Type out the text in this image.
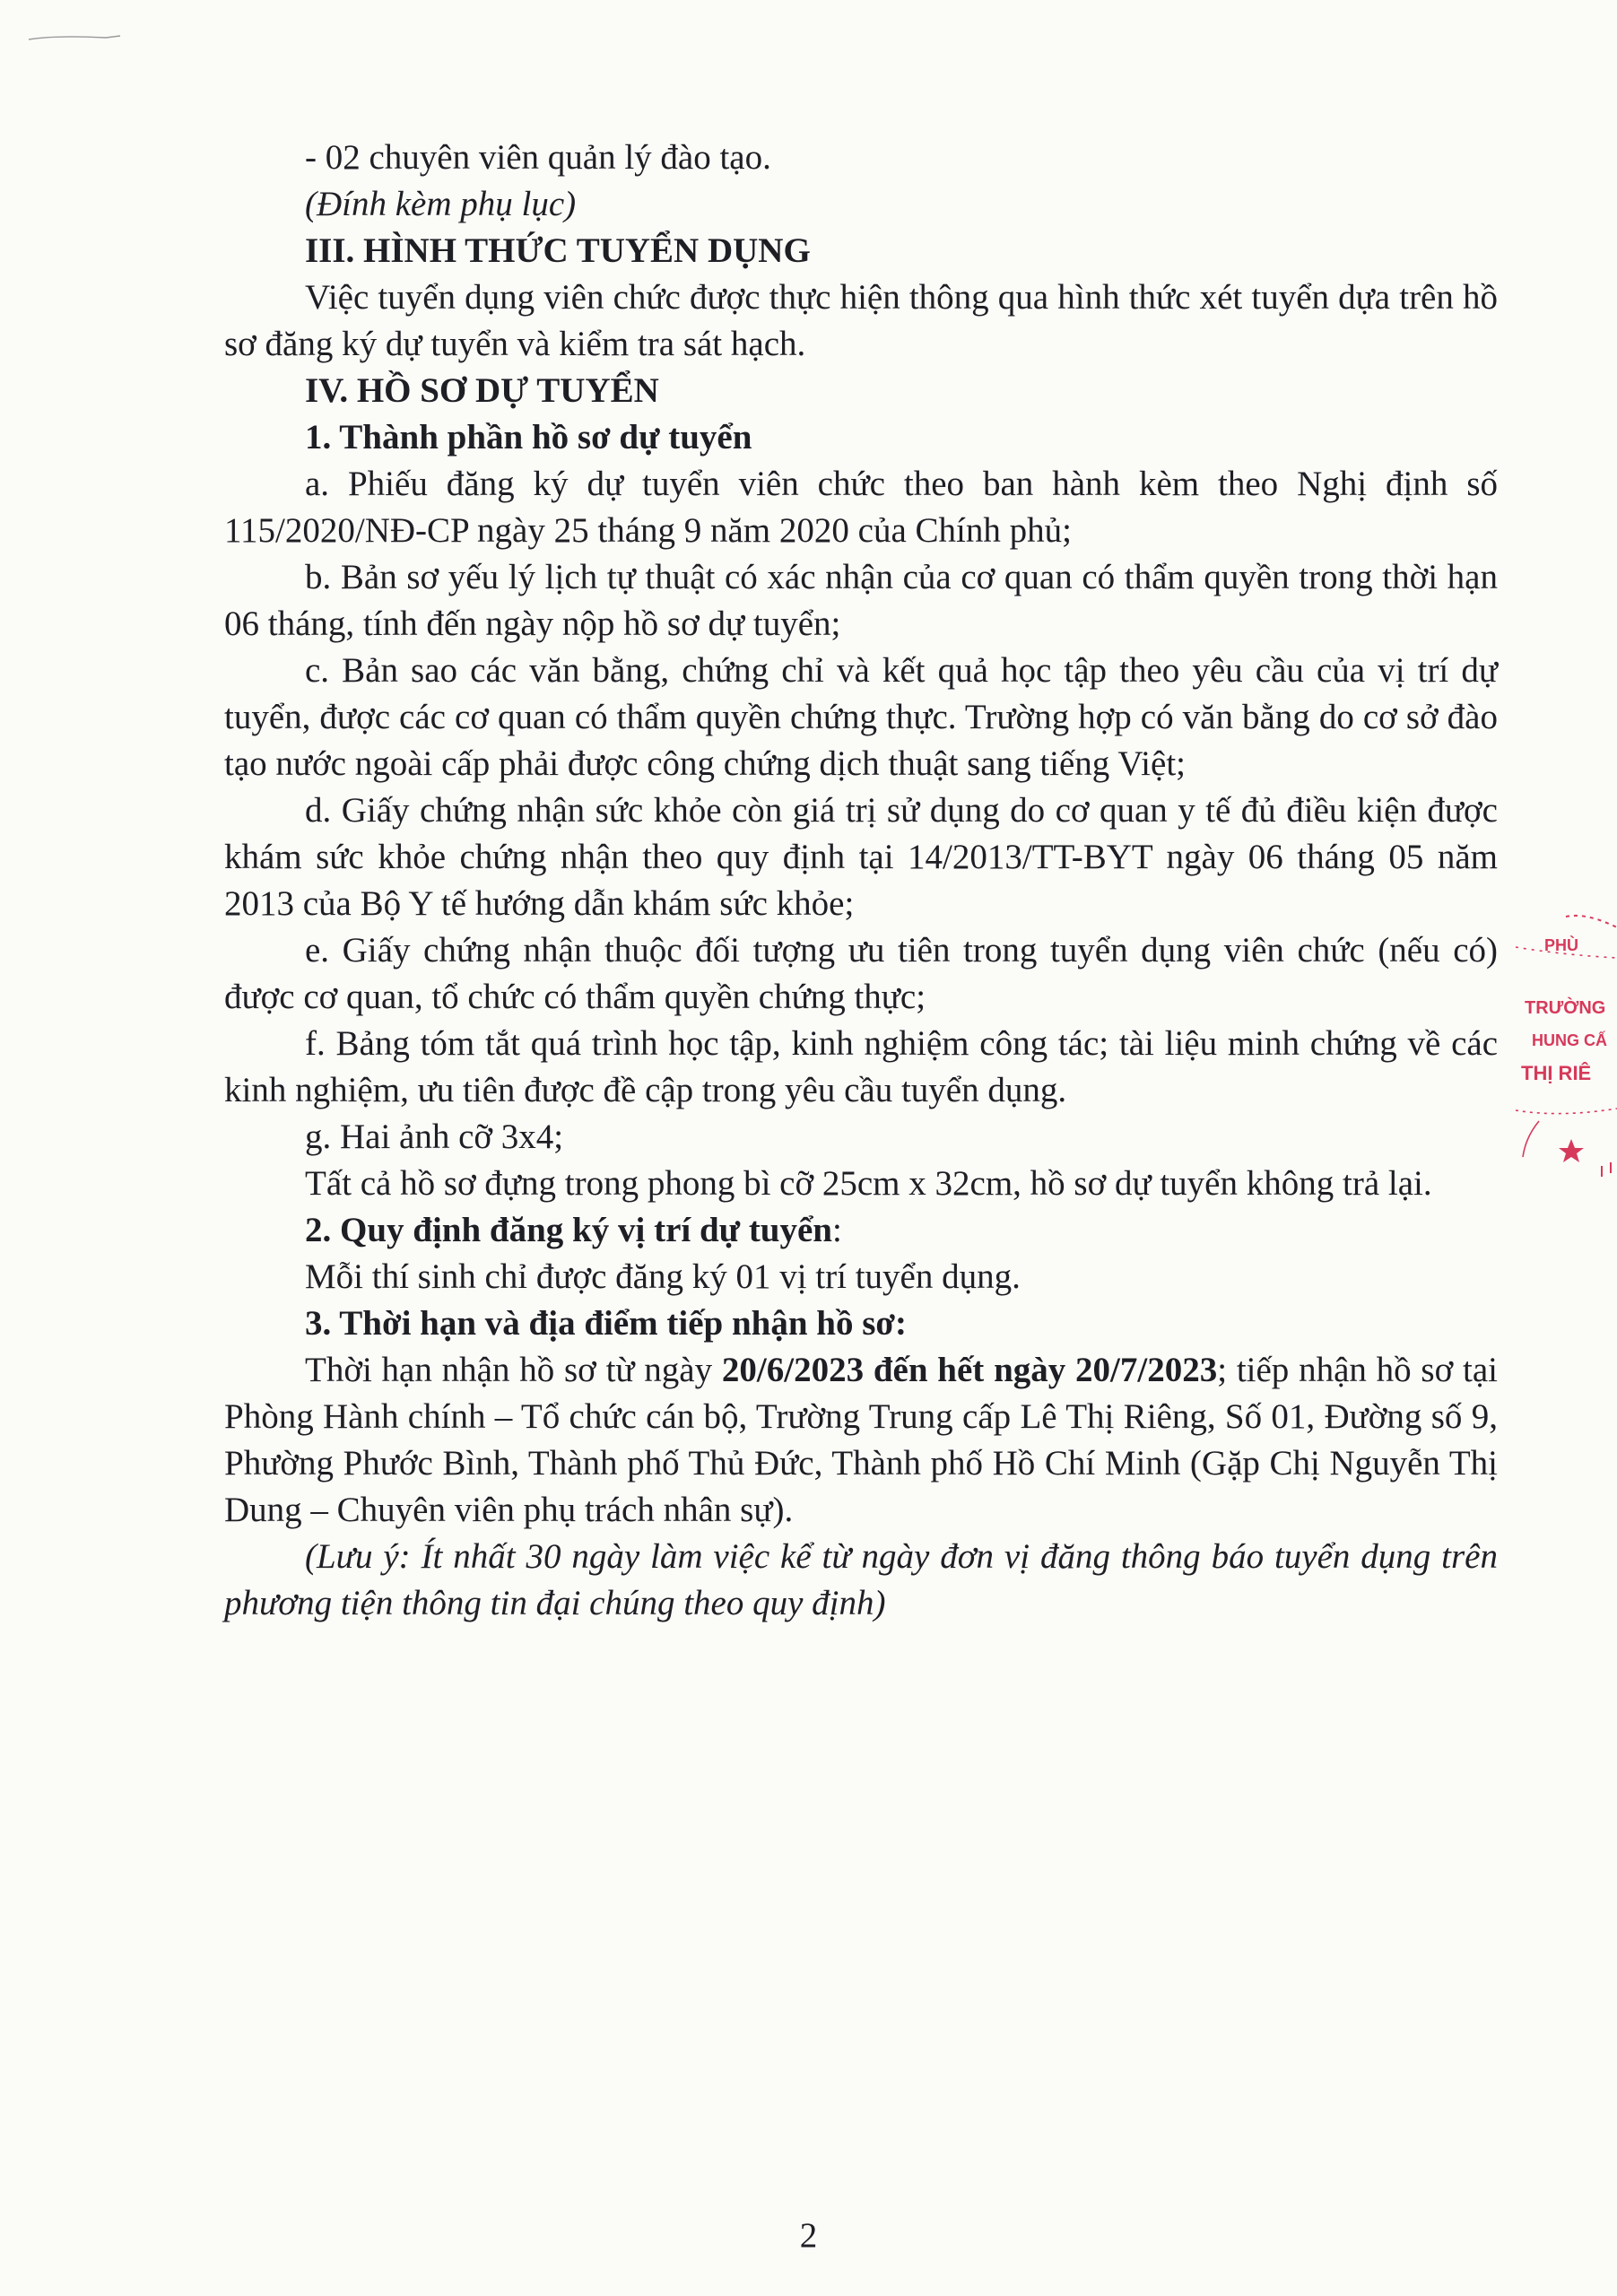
- 02 chuyên viên quản lý đào tạo.

(Đính kèm phụ lục)

III. HÌNH THỨC TUYỂN DỤNG

Việc tuyển dụng viên chức được thực hiện thông qua hình thức xét tuyển dựa trên hồ sơ đăng ký dự tuyển và kiểm tra sát hạch.

IV. HỒ SƠ DỰ TUYỂN

1. Thành phần hồ sơ dự tuyển

a. Phiếu đăng ký dự tuyển viên chức theo ban hành kèm theo Nghị định số 115/2020/NĐ-CP ngày 25 tháng 9 năm 2020 của Chính phủ;

b. Bản sơ yếu lý lịch tự thuật có xác nhận của cơ quan có thẩm quyền trong thời hạn 06 tháng, tính đến ngày nộp hồ sơ dự tuyển;

c. Bản sao các văn bằng, chứng chỉ và kết quả học tập theo yêu cầu của vị trí dự tuyển, được các cơ quan có thẩm quyền chứng thực. Trường hợp có văn bằng do cơ sở đào tạo nước ngoài cấp phải được công chứng dịch thuật sang tiếng Việt;

d. Giấy chứng nhận sức khỏe còn giá trị sử dụng do cơ quan y tế đủ điều kiện được khám sức khỏe chứng nhận theo quy định tại 14/2013/TT-BYT ngày 06 tháng 05 năm 2013 của Bộ Y tế hướng dẫn khám sức khỏe;

e. Giấy chứng nhận thuộc đối tượng ưu tiên trong tuyển dụng viên chức (nếu có) được cơ quan, tổ chức có thẩm quyền chứng thực;

f. Bảng tóm tắt quá trình học tập, kinh nghiệm công tác; tài liệu minh chứng về các kinh nghiệm, ưu tiên được đề cập trong yêu cầu tuyển dụng.

g. Hai ảnh cỡ 3x4;

Tất cả hồ sơ đựng trong phong bì cỡ 25cm x 32cm, hồ sơ dự tuyển không trả lại.

2. Quy định đăng ký vị trí dự tuyển:

Mỗi thí sinh chỉ được đăng ký 01 vị trí tuyển dụng.

3. Thời hạn và địa điểm tiếp nhận hồ sơ:

Thời hạn nhận hồ sơ từ ngày 20/6/2023 đến hết ngày 20/7/2023; tiếp nhận hồ sơ tại Phòng Hành chính – Tổ chức cán bộ, Trường Trung cấp Lê Thị Riêng, Số 01, Đường số 9, Phường Phước Bình, Thành phố Thủ Đức, Thành phố Hồ Chí Minh (Gặp Chị Nguyễn Thị Dung – Chuyên viên phụ trách nhân sự).

(Lưu ý: Ít nhất 30 ngày làm việc kể từ ngày đơn vị đăng thông báo tuyển dụng trên phương tiện thông tin đại chúng theo quy định)

2
PHÙ
TRƯỜNG
HUNG CẤ
THỊ RIÊ
